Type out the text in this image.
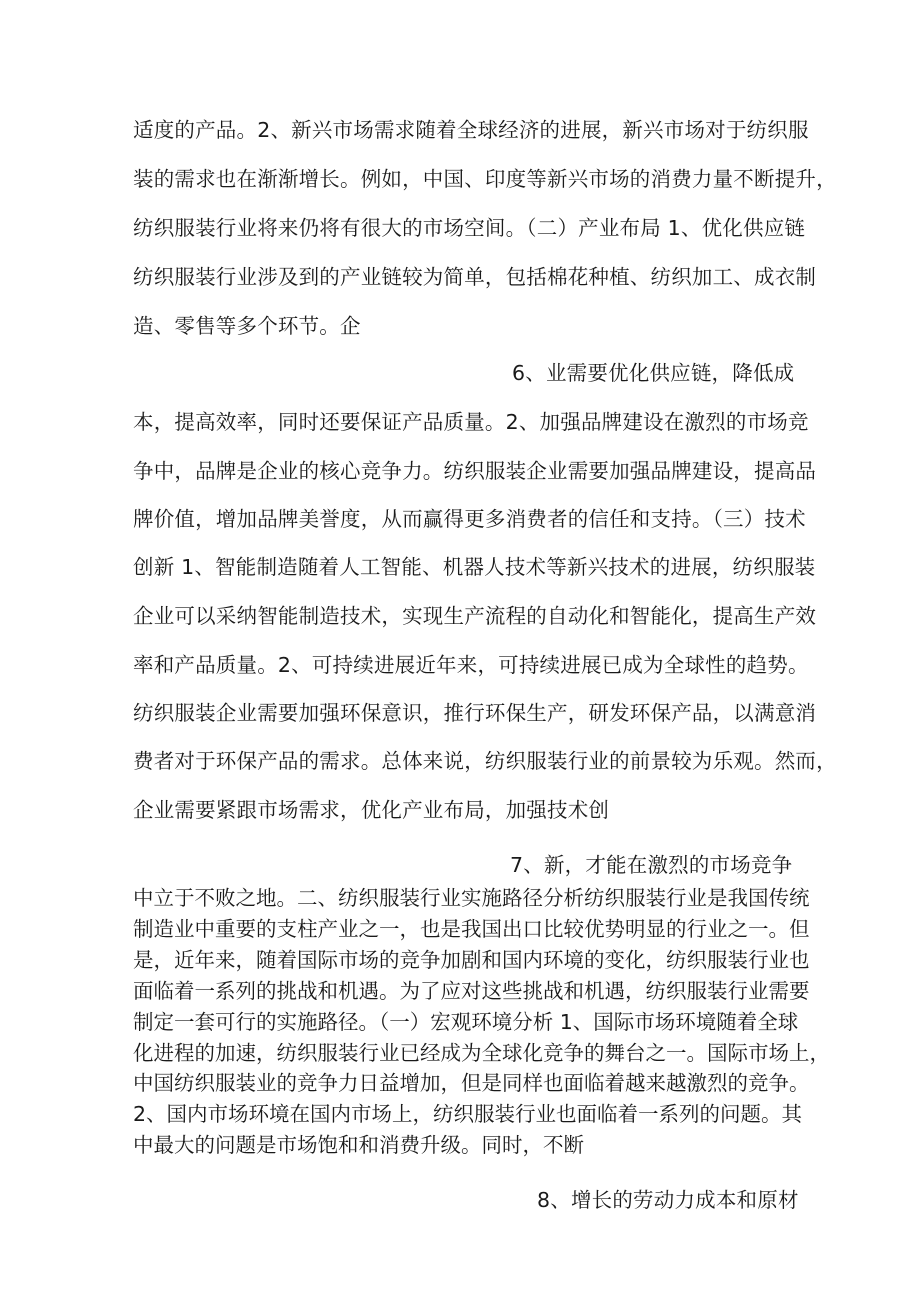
适度的产品。2、新兴市场需求随着全球经济的进展，新兴市场对于纺织服
装的需求也在渐渐增长。例如，中国、印度等新兴市场的消费力量不断提升，
纺织服装行业将来仍将有很大的市场空间。（二）产业布局 1、优化供应链
纺织服装行业涉及到的产业链较为简单，包括棉花种植、纺织加工、成衣制
造、零售等多个环节。企
6、业需要优化供应链，降低成
本，提高效率，同时还要保证产品质量。2、加强品牌建设在激烈的市场竞
争中，品牌是企业的核心竞争力。纺织服装企业需要加强品牌建设，提高品
牌价值，增加品牌美誉度，从而赢得更多消费者的信任和支持。（三）技术
创新 1、智能制造随着人工智能、机器人技术等新兴技术的进展，纺织服装
企业可以采纳智能制造技术，实现生产流程的自动化和智能化，提高生产效
率和产品质量。2、可持续进展近年来，可持续进展已成为全球性的趋势。
纺织服装企业需要加强环保意识，推行环保生产，研发环保产品，以满意消
费者对于环保产品的需求。总体来说，纺织服装行业的前景较为乐观。然而，
企业需要紧跟市场需求，优化产业布局，加强技术创
7、新，才能在激烈的市场竞争
中立于不败之地。二、纺织服装行业实施路径分析纺织服装行业是我国传统
制造业中重要的支柱产业之一，也是我国出口比较优势明显的行业之一。但
是，近年来，随着国际市场的竞争加剧和国内环境的变化，纺织服装行业也
面临着一系列的挑战和机遇。为了应对这些挑战和机遇，纺织服装行业需要
制定一套可行的实施路径。（一）宏观环境分析 1、国际市场环境随着全球
化进程的加速，纺织服装行业已经成为全球化竞争的舞台之一。国际市场上，
中国纺织服装业的竞争力日益增加，但是同样也面临着越来越激烈的竞争。
2、国内市场环境在国内市场上，纺织服装行业也面临着一系列的问题。其
中最大的问题是市场饱和和消费升级。同时，不断
8、增长的劳动力成本和原材
